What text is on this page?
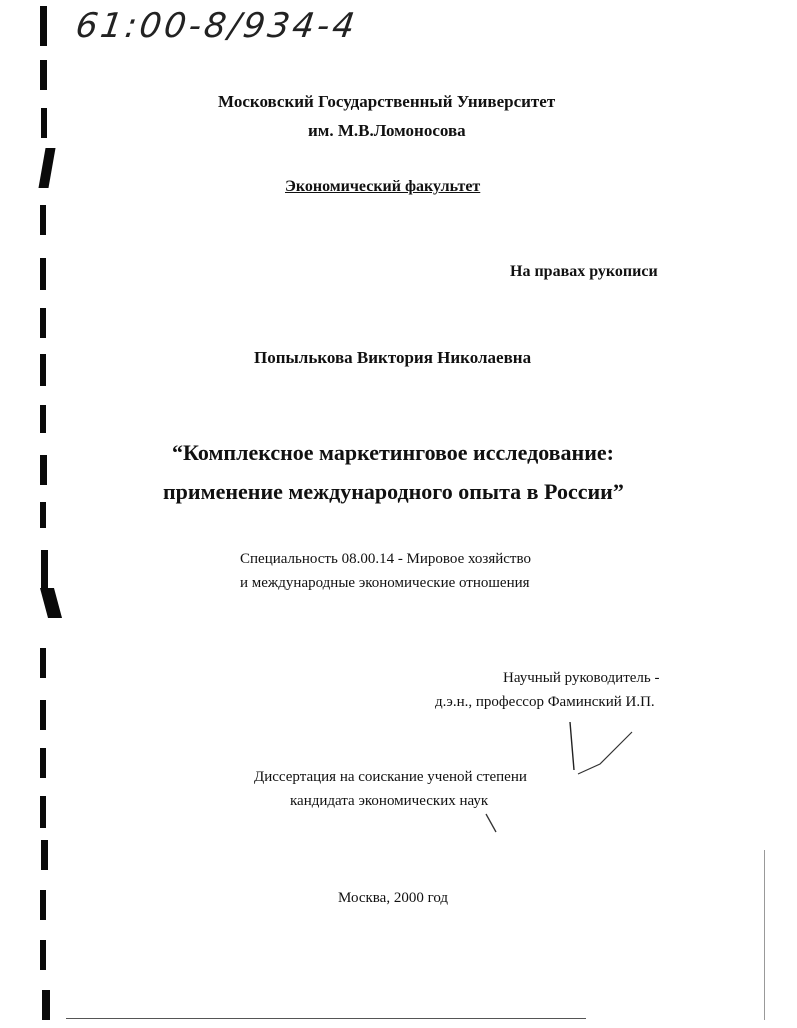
61:00-8/934-4

Московский Государственный Университет

им. М.В.Ломоносова

Экономический факультет

На правах рукописи

Попылькова Виктория Николаевна

“Комплексное маркетинговое исследование:

применение международного опыта в России”

Специальность 08.00.14 - Мировое хозяйство

и международные экономические отношения

Научный руководитель -

д.э.н., профессор Фаминский И.П.

Диссертация на соискание ученой степени

кандидата экономических наук

Москва, 2000 год
